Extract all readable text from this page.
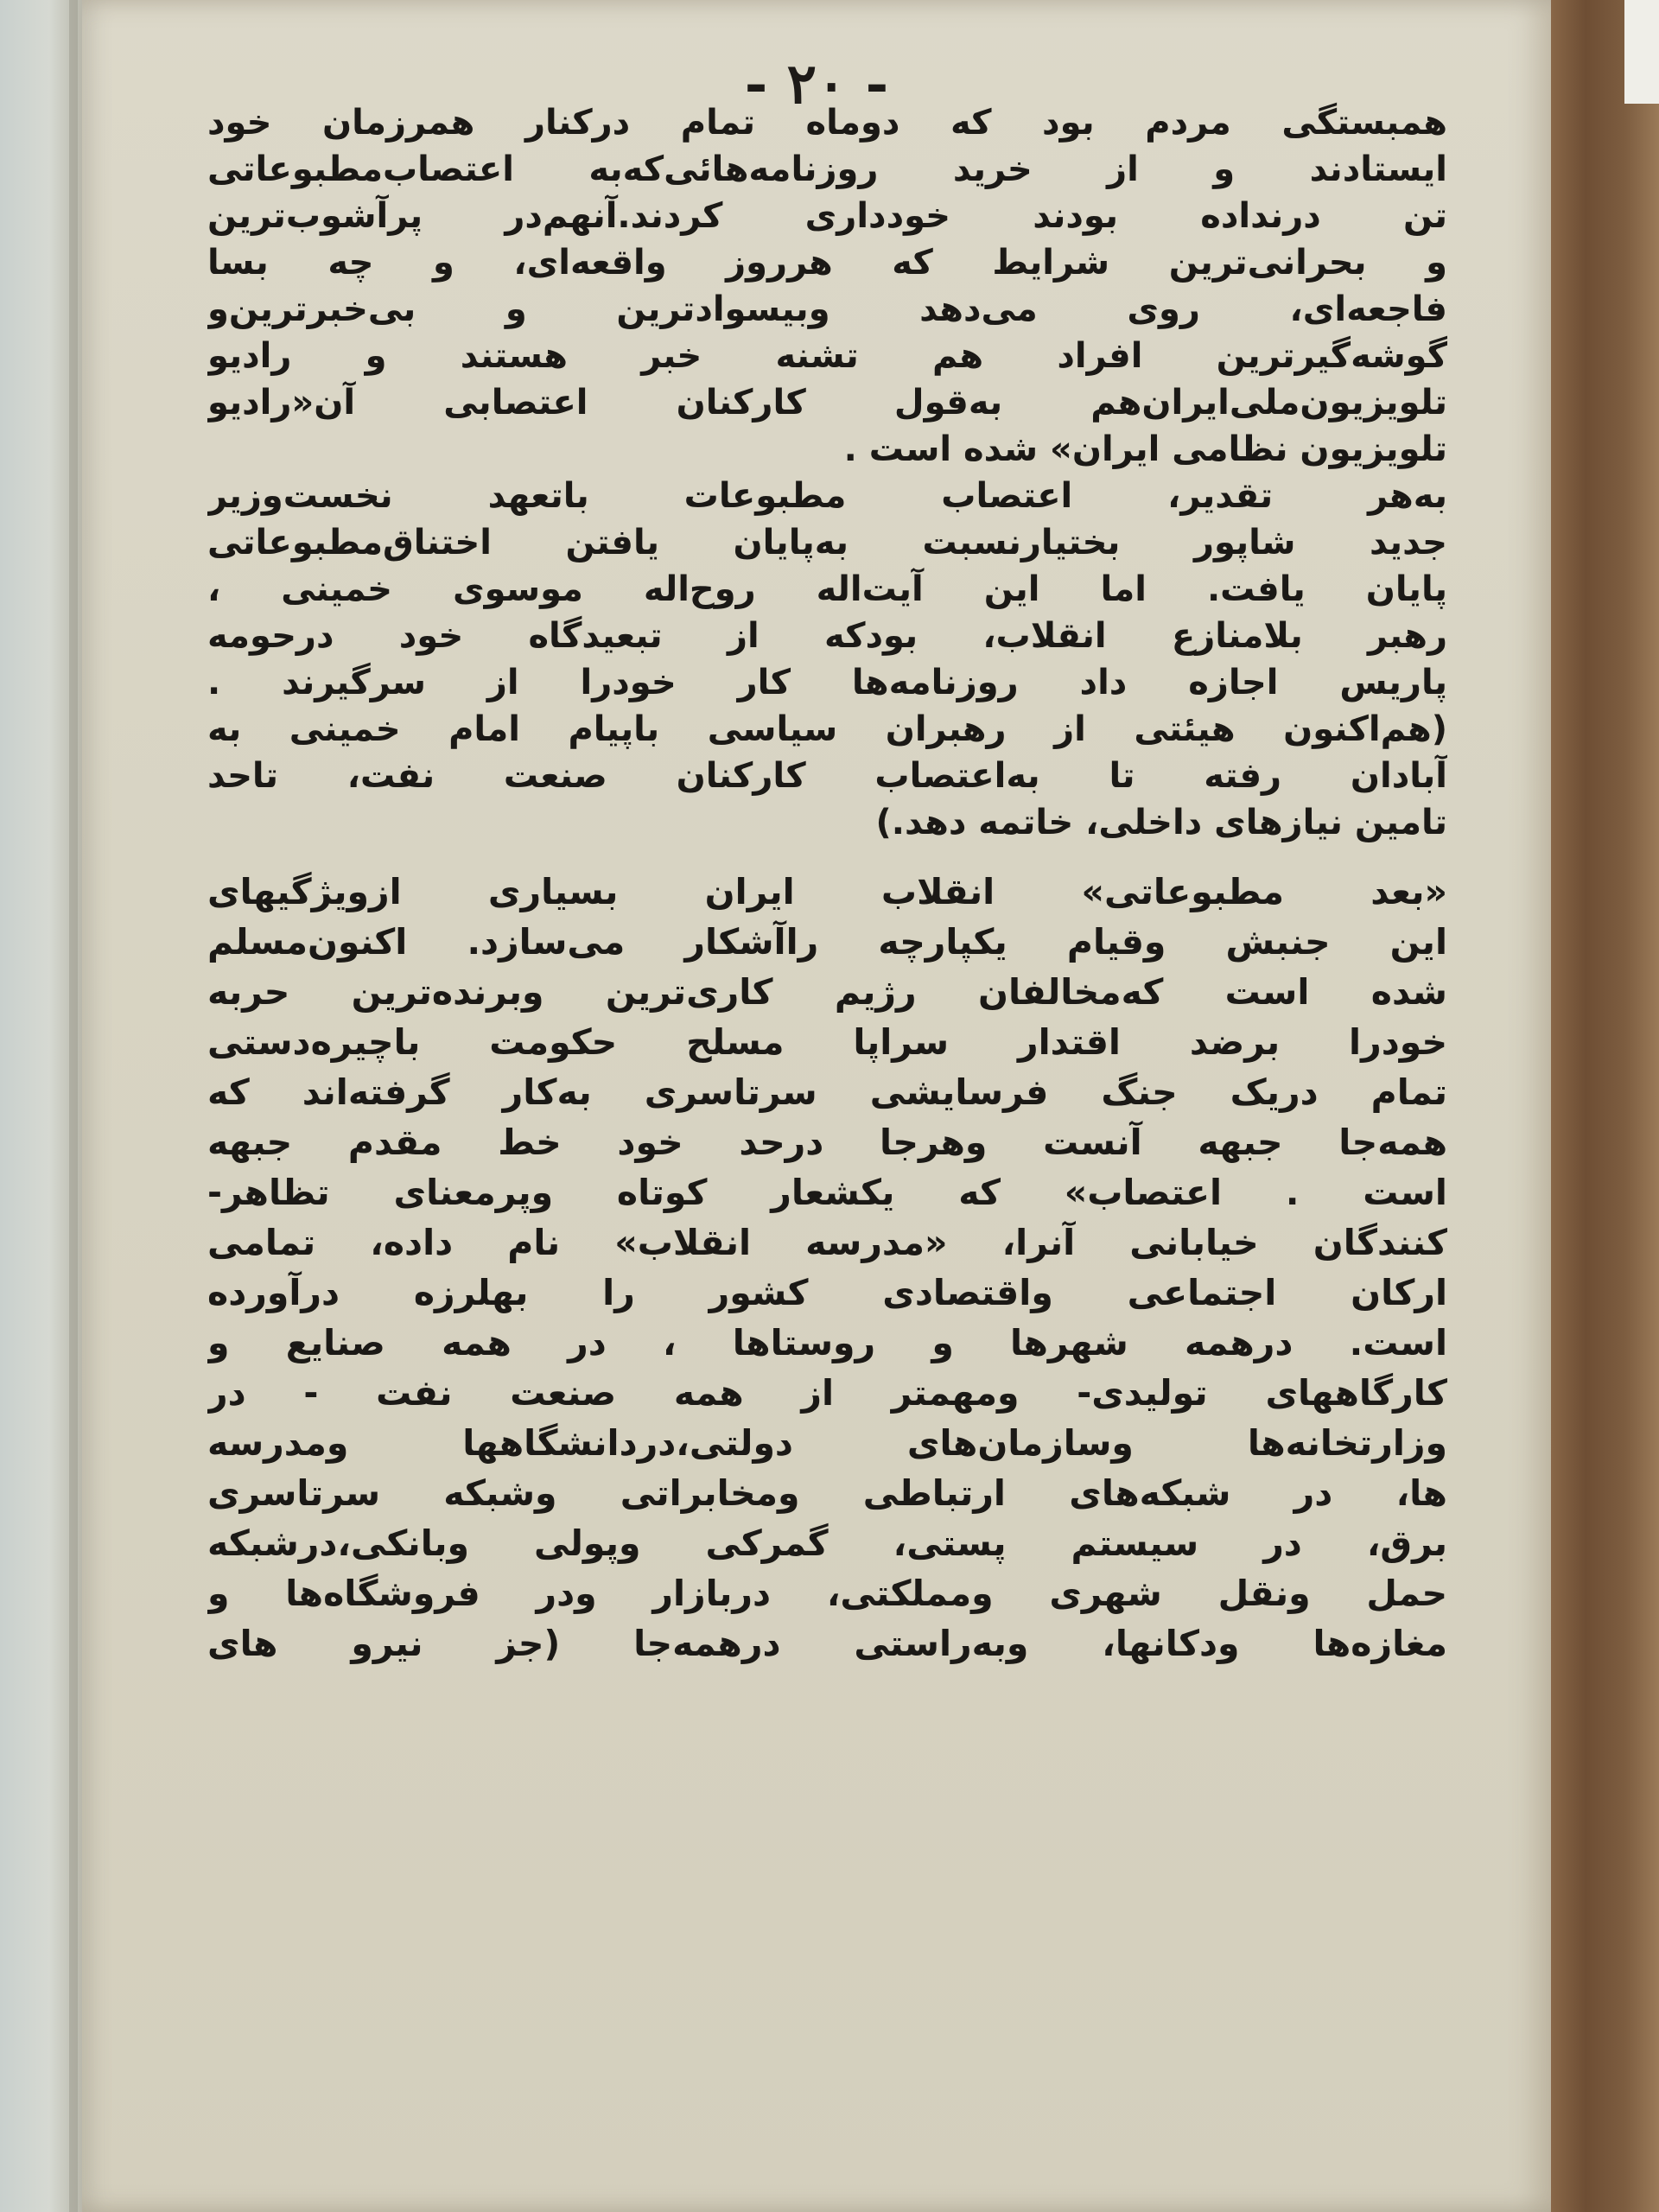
- ۲٠ -
همبستگی مردم بود که دوماه تمام درکنار همرزمان خود
ایستادند و از خرید روزنامه‌هائی‌که‌به اعتصاب‌مطبوعاتی
تن درنداده بودند خودداری کردند.آنهم‌در پرآشوب‌ترین
و بحرانی‌ترین شرایط که هرروز واقعه‌ای، و چه بسا
فاجعه‌ای، روی می‌دهد وبیسوادترین و بی‌خبرترین‌و
گوشه‌گیرترین افراد هم تشنه خبر هستند و رادیو
تلویزیون‌ملی‌ایران‌هم به‌قول کارکنان اعتصابی آن«رادیو
تلویزیون نظامی ایران» شده است .
به‌هر تقدیر، اعتصاب مطبوعات باتعهد نخست‌وزیر
جدید شاپور بختیارنسبت به‌پایان یافتن اختناق‌مطبوعاتی
پایان یافت. اما این آیت‌اله روح‌اله موسوی خمینی ،
رهبر بلامنازع انقلاب، بودکه از تبعیدگاه خود درحومه
پاریس اجازه داد روزنامه‌ها کار خودرا از سرگیرند .
(هم‌اکنون هیئتی از رهبران سیاسی باپیام امام خمینی به
آبادان رفته تا به‌اعتصاب کارکنان صنعت نفت، تاحد
تامین نیازهای داخلی، خاتمه دهد.)
«بعد مطبوعاتی» انقلاب ایران بسیاری ازویژگیهای
این جنبش وقیام یکپارچه راآشکار می‌سازد. اکنون‌مسلم
شده است که‌مخالفان رژیم کاری‌ترین وبرنده‌ترین حربه
خودرا برضد اقتدار سراپا مسلح حکومت باچیره‌دستی
تمام دریک جنگ فرسایشی سرتاسری به‌کار گرفته‌اند که
همه‌جا جبهه آنست وهرجا درحد خود خط مقدم جبهه
است . اعتصاب» که یکشعار کوتاه وپرمعنای تظاهر-
کنندگان خیابانی آنرا، «مدرسه انقلاب» نام داده، تمامی
ارکان اجتماعی واقتصادی کشور را بهلرزه درآورده
است. درهمه شهرها و روستاها ، در همه صنایع و
کارگاههای تولیدی- ومهمتر از همه صنعت نفت - در
وزارتخانه‌ها وسازمان‌های دولتی،دردانشگاهها ومدرسه
ها، در شبکه‌های ارتباطی ومخابراتی وشبکه سرتاسری
برق، در سیستم پستی، گمرکی وپولی وبانکی،درشبکه
حمل ونقل شهری ومملکتی، دربازار ودر فروشگاه‌ها و
مغازه‌ها ودکانها، وبه‌راستی درهمه‌جا (جز نیرو های
